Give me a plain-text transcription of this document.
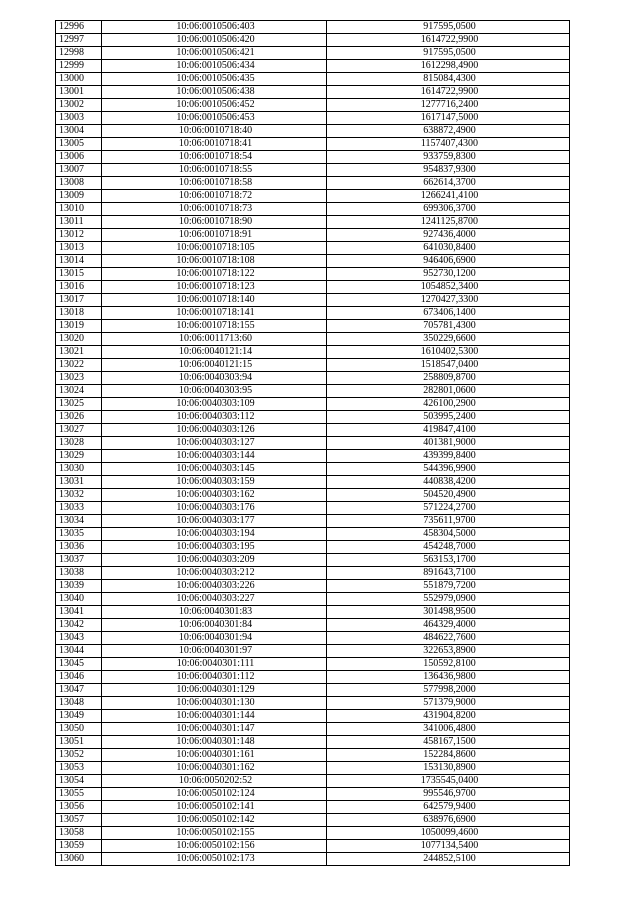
12996	10:06:0010506:403	917595,0500
12997	10:06:0010506:420	1614722,9900
12998	10:06:0010506:421	917595,0500
12999	10:06:0010506:434	1612298,4900
13000	10:06:0010506:435	815084,4300
13001	10:06:0010506:438	1614722,9900
13002	10:06:0010506:452	1277716,2400
13003	10:06:0010506:453	1617147,5000
13004	10:06:0010718:40	638872,4900
13005	10:06:0010718:41	1157407,4300
13006	10:06:0010718:54	933759,8300
13007	10:06:0010718:55	954837,9300
13008	10:06:0010718:58	662614,3700
13009	10:06:0010718:72	1266241,4100
13010	10:06:0010718:73	699306,3700
13011	10:06:0010718:90	1241125,8700
13012	10:06:0010718:91	927436,4000
13013	10:06:0010718:105	641030,8400
13014	10:06:0010718:108	946406,6900
13015	10:06:0010718:122	952730,1200
13016	10:06:0010718:123	1054852,3400
13017	10:06:0010718:140	1270427,3300
13018	10:06:0010718:141	673406,1400
13019	10:06:0010718:155	705781,4300
13020	10:06:0011713:60	350229,6600
13021	10:06:0040121:14	1610402,5300
13022	10:06:0040121:15	1518547,0400
13023	10:06:0040303:94	258809,8700
13024	10:06:0040303:95	282801,0600
13025	10:06:0040303:109	426100,2900
13026	10:06:0040303:112	503995,2400
13027	10:06:0040303:126	419847,4100
13028	10:06:0040303:127	401381,9000
13029	10:06:0040303:144	439399,8400
13030	10:06:0040303:145	544396,9900
13031	10:06:0040303:159	440838,4200
13032	10:06:0040303:162	504520,4900
13033	10:06:0040303:176	571224,2700
13034	10:06:0040303:177	735611,9700
13035	10:06:0040303:194	458304,5000
13036	10:06:0040303:195	454248,7000
13037	10:06:0040303:209	563153,1700
13038	10:06:0040303:212	891643,7100
13039	10:06:0040303:226	551879,7200
13040	10:06:0040303:227	552979,0900
13041	10:06:0040301:83	301498,9500
13042	10:06:0040301:84	464329,4000
13043	10:06:0040301:94	484622,7600
13044	10:06:0040301:97	322653,8900
13045	10:06:0040301:111	150592,8100
13046	10:06:0040301:112	136436,9800
13047	10:06:0040301:129	577998,2000
13048	10:06:0040301:130	571379,9000
13049	10:06:0040301:144	431904,8200
13050	10:06:0040301:147	341006,4800
13051	10:06:0040301:148	458167,1500
13052	10:06:0040301:161	152284,8600
13053	10:06:0040301:162	153130,8900
13054	10:06:0050202:52	1735545,0400
13055	10:06:0050102:124	995546,9700
13056	10:06:0050102:141	642579,9400
13057	10:06:0050102:142	638976,6900
13058	10:06:0050102:155	1050099,4600
13059	10:06:0050102:156	1077134,5400
13060	10:06:0050102:173	244852,5100
